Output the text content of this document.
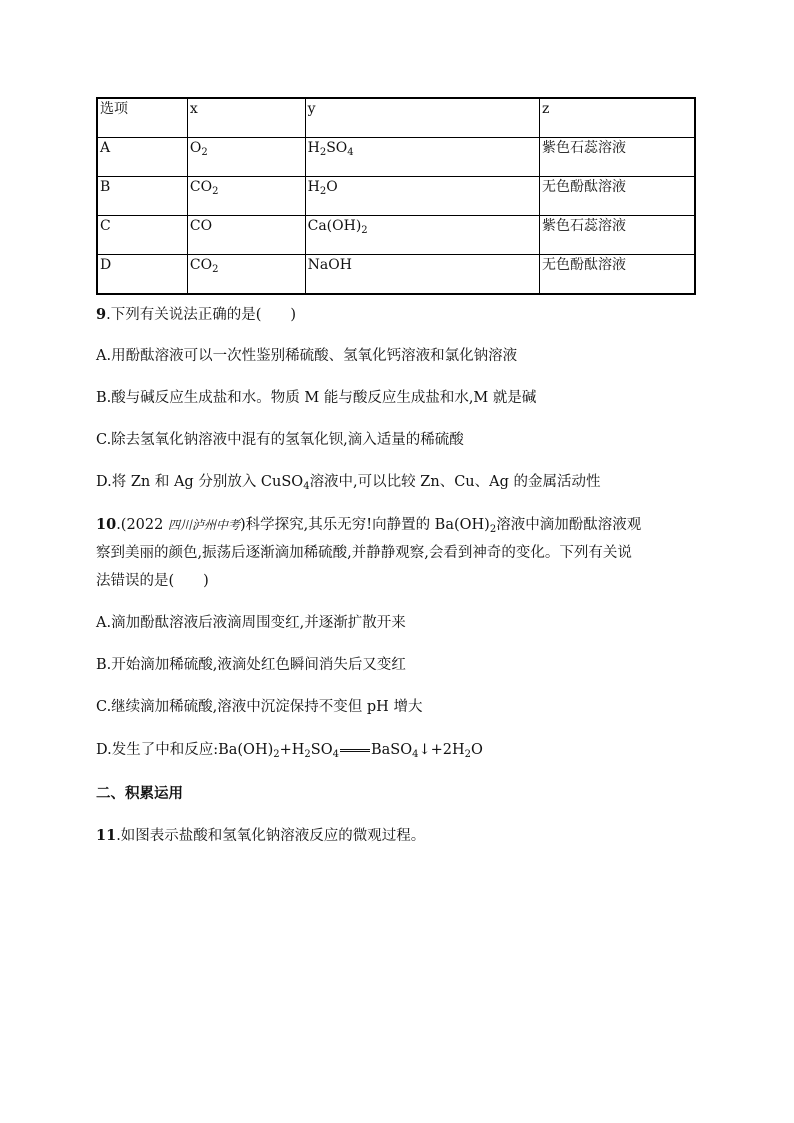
选项	x	y	z
A	$O_2$	$H_2SO_4$	紫色石蕊溶液
B	$CO_2$	$H_2O$	无色酚酞溶液
C	CO	$Ca(OH)_2$	紫色石蕊溶液
D	$CO_2$	NaOH	无色酚酞溶液
9.下列有关说法正确的是(　　)
A.用酚酞溶液可以一次性鉴别稀硫酸、氢氧化钙溶液和氯化钠溶液
B.酸与碱反应生成盐和水。物质 M 能与酸反应生成盐和水,M 就是碱
C.除去氢氧化钠溶液中混有的氢氧化钡,滴入适量的稀硫酸
D.将 Zn 和 Ag 分别放入 CuSO$_4$溶液中,可以比较 Zn、Cu、Ag 的金属活动性
10.(2022 四川泸州中考)科学探究,其乐无穷!向静置的 $Ba(OH)_2$溶液中滴加酚酞溶液观
察到美丽的颜色,振荡后逐渐滴加稀硫酸,并静静观察,会看到神奇的变化。下列有关说
法错误的是(　　)
A.滴加酚酞溶液后液滴周围变红,并逐渐扩散开来
B.开始滴加稀硫酸,液滴处红色瞬间消失后又变红
C.继续滴加稀硫酸,溶液中沉淀保持不变但 pH 增大
D.发生了中和反应$:Ba(OH)_2+H_2SO_4$ $BaSO_4↓+2H_2O$
二、积累运用
11.如图表示盐酸和氢氧化钠溶液反应的微观过程。
